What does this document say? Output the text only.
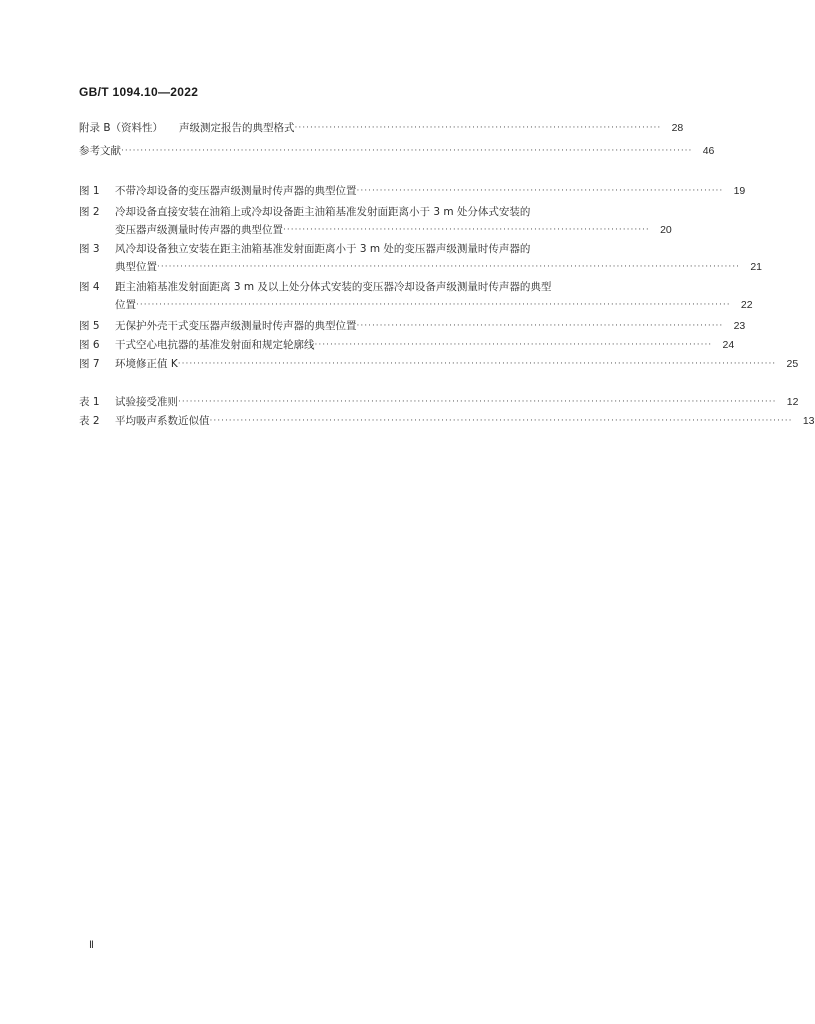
GB/T 1094.10—2022
附录 B（资料性） 声级测定报告的典型格式 ······························································································· 28
参考文献 ···················································································································································· 46
图 1 不带冷却设备的变压器声级测量时传声器的典型位置 ······························································································· 19
图 2 冷却设备直接安装在油箱上或冷却设备距主油箱基准发射面距离小于 3 m 处分体式安装的
变压器声级测量时传声器的典型位置 ······························································································· 20
图 3 风冷却设备独立安装在距主油箱基准发射面距离小于 3 m 处的变压器声级测量时传声器的
典型位置 ······················································································································································· 21
图 4 距主油箱基准发射面距离 3 m 及以上处分体式安装的变压器冷却设备声级测量时传声器的典型
位置 ·························································································································································· 22
图 5 无保护外壳干式变压器声级测量时传声器的典型位置 ······························································································· 23
图 6 干式空心电抗器的基准发射面和规定轮廓线 ······································································································· 24
图 7 环境修正值 K ··························································································································································· 25
表 1 试验接受准则 ··························································································································································· 12
表 2 平均吸声系数近似值 ······················································································································································· 13
Ⅱ
